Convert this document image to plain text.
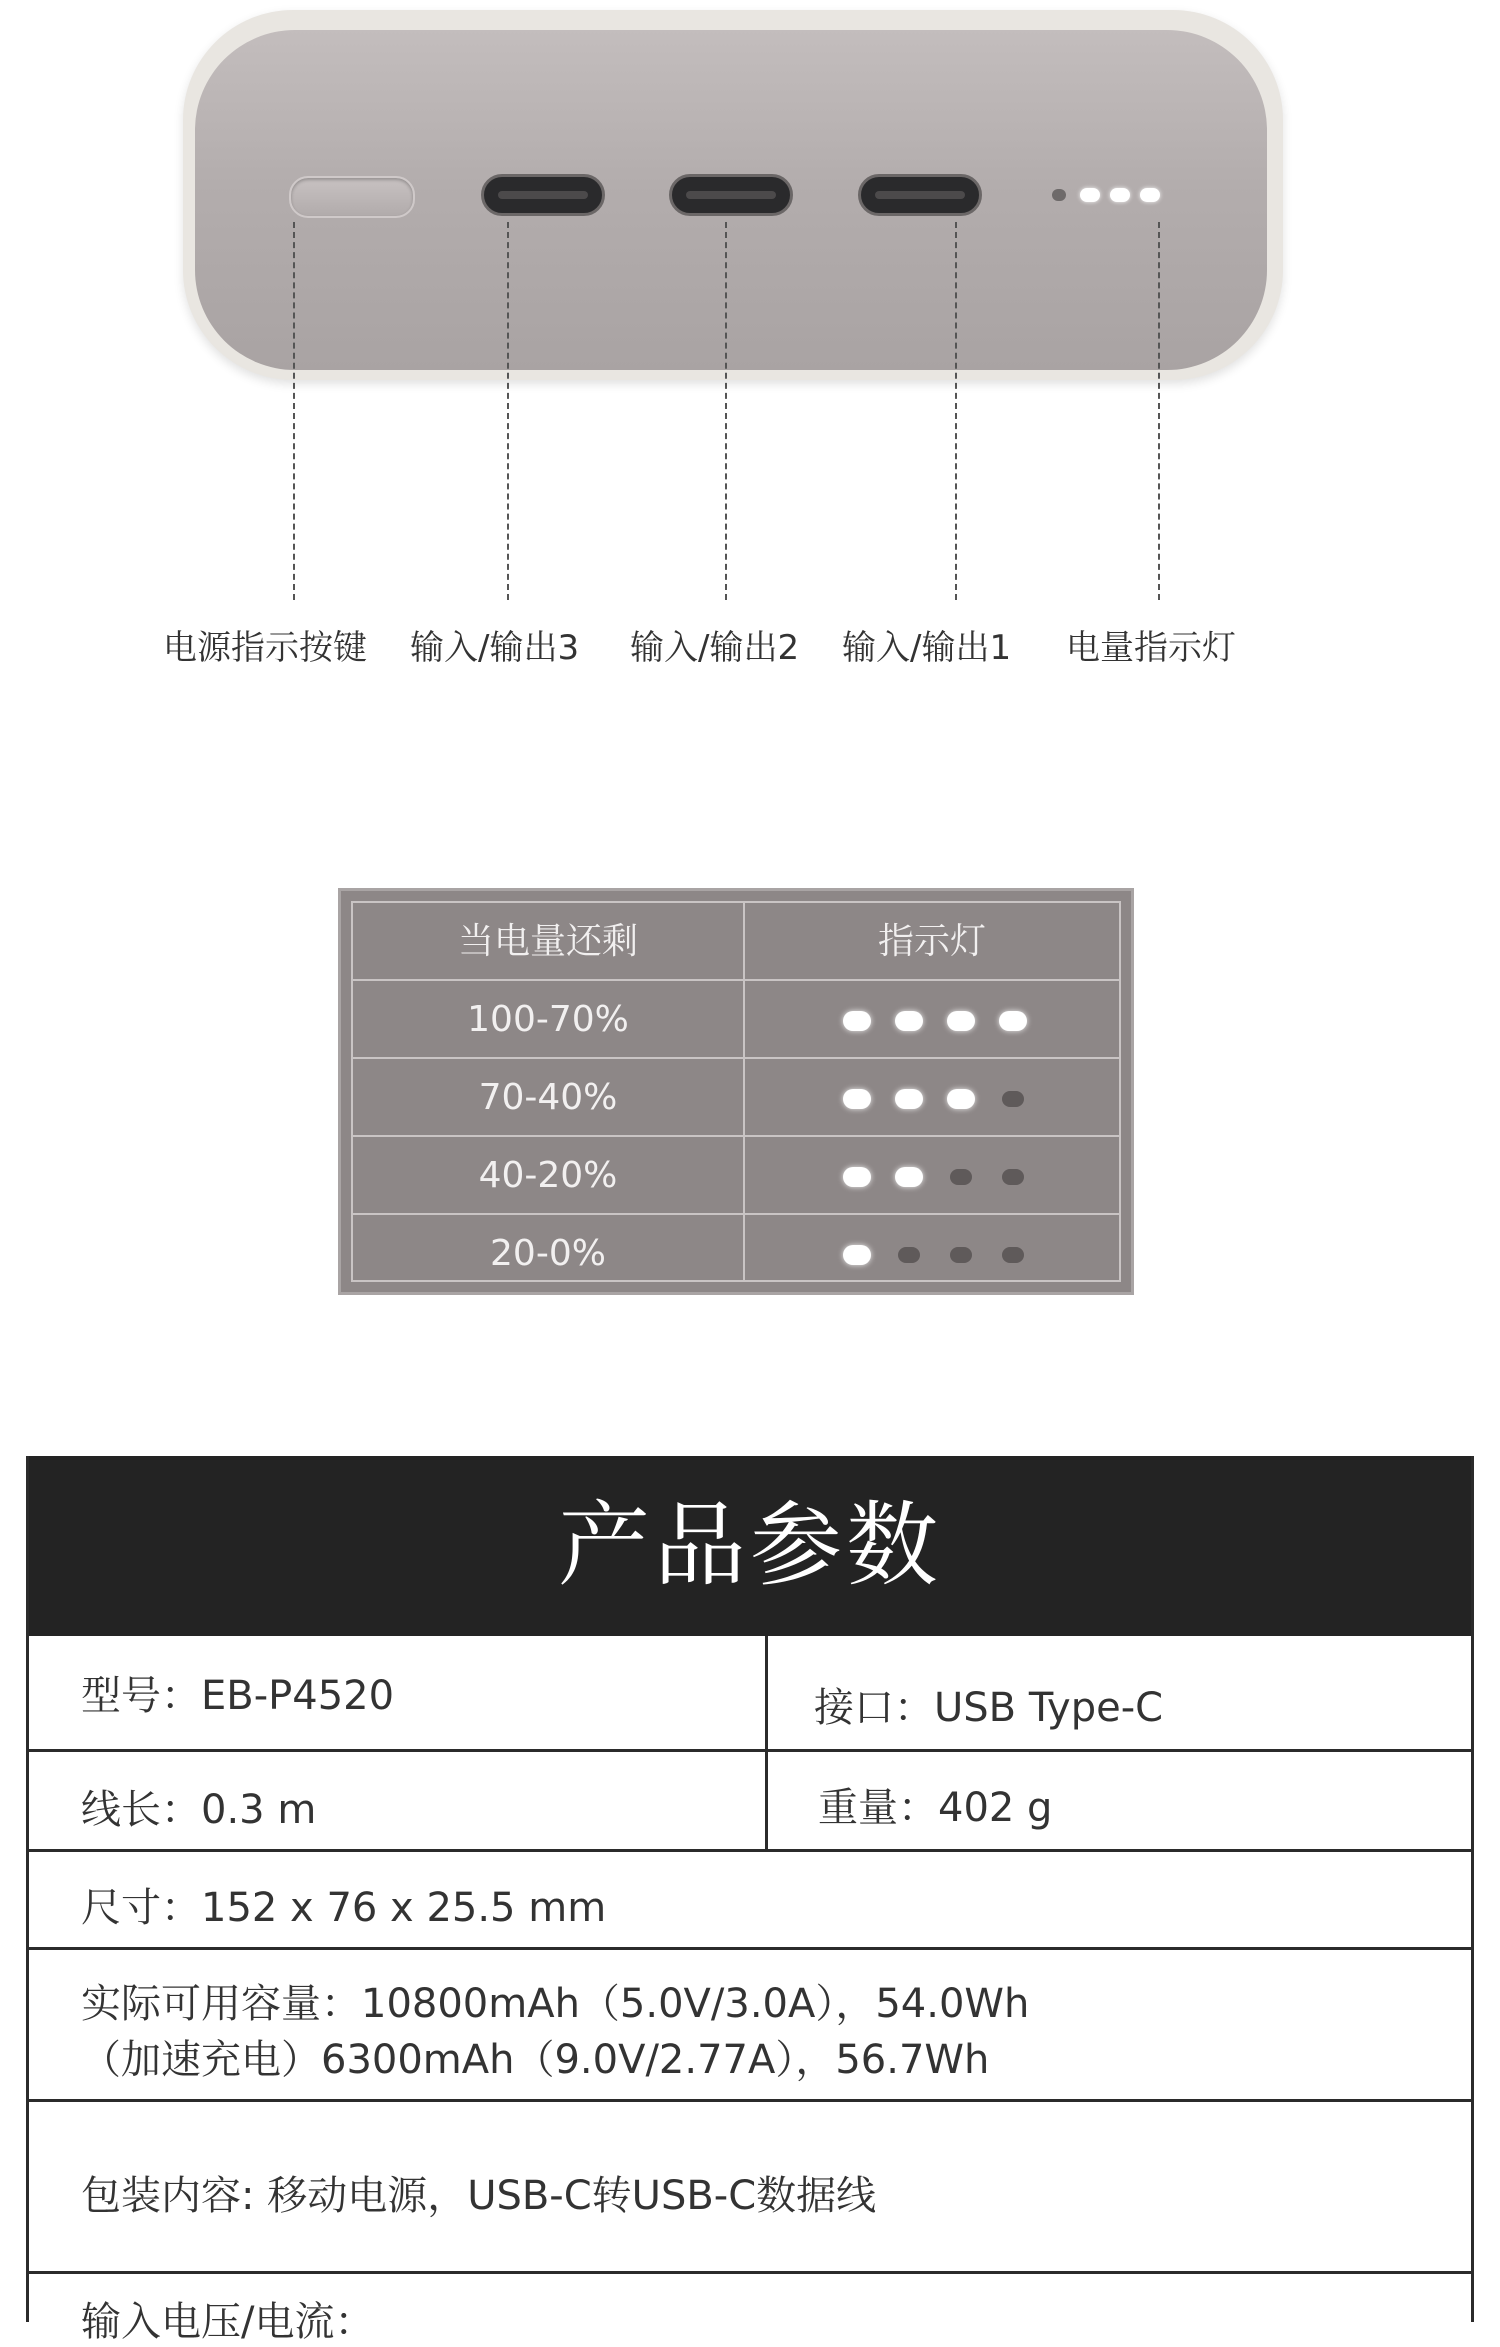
电源指示按键 输入/输出3 输入/输出2 输入/输出1 电量指示灯
当电量还剩	指示灯
100-70%
70-40%
40-20%
20-0%
产品参数
型号：EB-P4520	接口：USB Type-C
线长：0.3 m	重量：402 g
尺寸：152 x 76 x 25.5 mm
实际可用容量：10800mAh（5.0V/3.0A），54.0Wh
（加速充电）6300mAh（9.0V/2.77A），56.7Wh
包装内容: 移动电源，USB-C转USB-C数据线
输入电压/电流：
